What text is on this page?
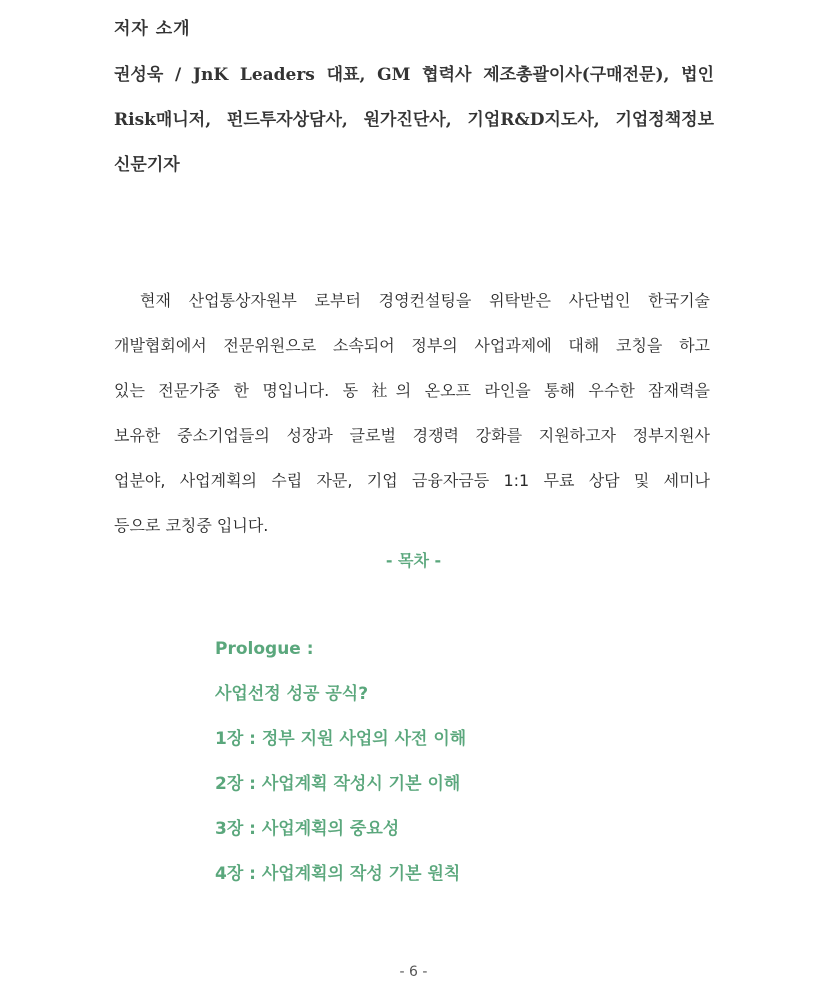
저자 소개
권성욱 / JnK Leaders 대표, GM 협력사 제조총괄이사(구매전문), 법인
Risk매니저, 펀드투자상담사, 원가진단사, 기업R&D지도사, 기업정책정보
신문기자
현재 산업통상자원부 로부터 경영컨설팅을 위탁받은 사단법인 한국기술
개발협회에서 전문위원으로 소속되어 정부의 사업과제에 대해 코칭을 하고
있는 전문가중 한 명입니다. 동 社의 온오프 라인을 통해 우수한 잠재력을
보유한 중소기업들의 성장과 글로벌 경쟁력 강화를 지원하고자 정부지원사
업분야, 사업계획의 수립 자문, 기업 금융자금등 1:1 무료 상담 및 세미나
등으로 코칭중 입니다.
- 목차 -
Prologue :
사업선정 성공 공식?
1장 : 정부 지원 사업의 사전 이해
2장 : 사업계획 작성시 기본 이해
3장 : 사업계획의 중요성
4장 : 사업계획의 작성 기본 원칙
- 6 -
